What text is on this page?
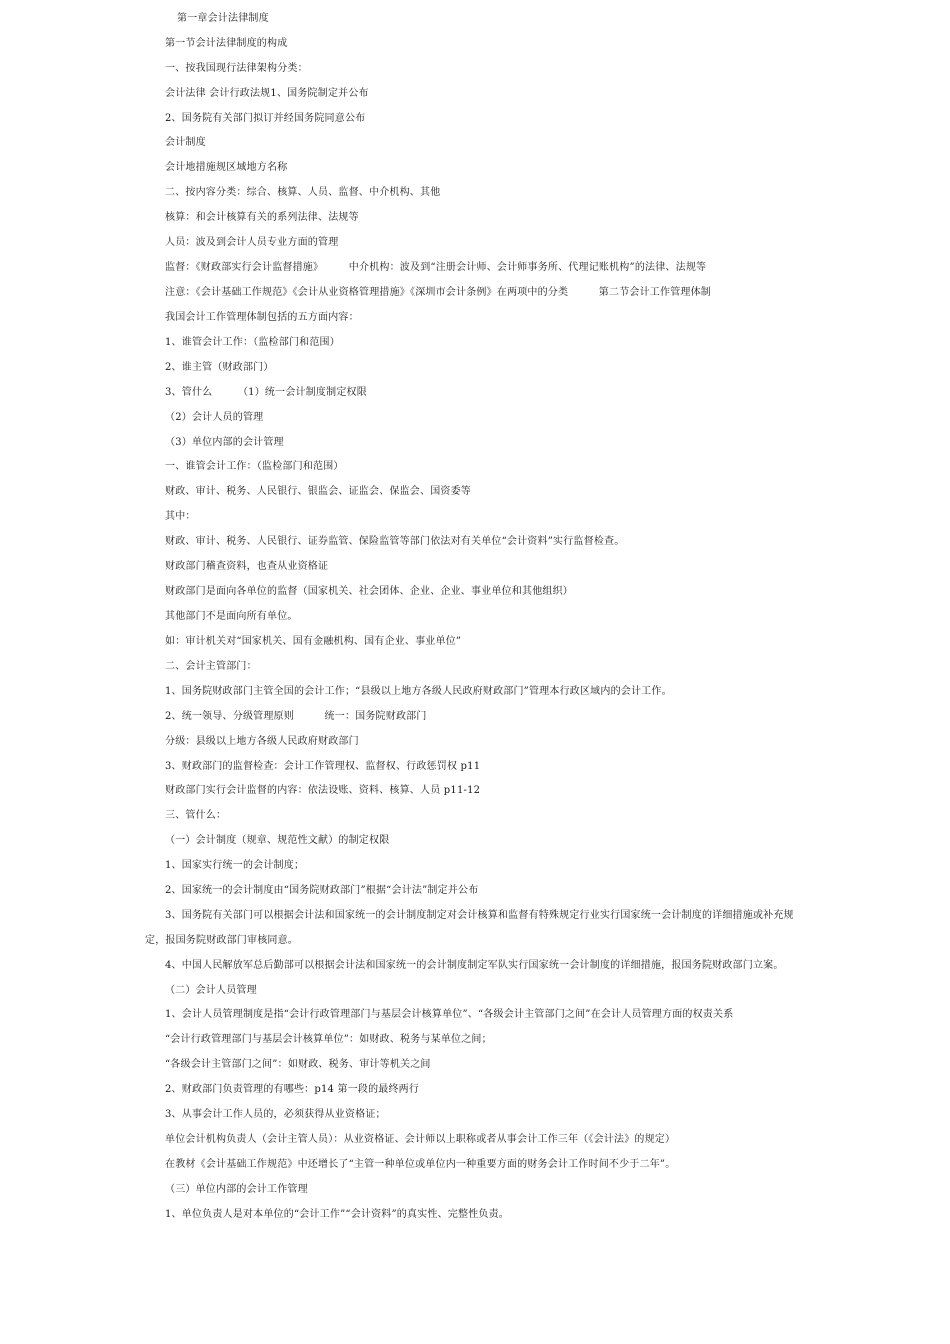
第一章会计法律制度
第一节会计法律制度的构成
一、按我国现行法律架构分类：
会计法律 会计行政法规1、国务院制定并公布
2、国务院有关部门拟订并经国务院同意公布
会计制度
会计地措施规区域地方名称
二、按内容分类：综合、核算、人员、监督、中介机构、其他
核算：和会计核算有关的系列法律、法规等
人员：波及到会计人员专业方面的管理
监督：《财政部实行会计监督措施》　　　中介机构：波及到“注册会计师、会计师事务所、代理记账机构”的法律、法规等
注意：《会计基础工作规范》《会计从业资格管理措施》《深圳市会计条例》在两项中的分类　　　第二节会计工作管理体制
我国会计工作管理体制包括的五方面内容：
1、谁管会计工作：（监检部门和范围）
2、谁主管（财政部门）
3、管什么　　　（1）统一会计制度制定权限
（2）会计人员的管理
（3）单位内部的会计管理
一、谁管会计工作：（监检部门和范围）
财政、审计、税务、人民银行、银监会、证监会、保监会、国资委等
其中：
财政、审计、税务、人民银行、证券监管、保险监管等部门依法对有关单位“会计资料”实行监督检查。
财政部门稽查资料，也查从业资格证
财政部门是面向各单位的监督（国家机关、社会团体、企业、企业、事业单位和其他组织）
其他部门不是面向所有单位。
如：审计机关对“国家机关、国有金融机构、国有企业、事业单位”
二、会计主管部门：
1、国务院财政部门主管全国的会计工作；“县级以上地方各级人民政府财政部门”管理本行政区域内的会计工作。
2、统一领导、分级管理原则　　　统一：国务院财政部门
分级：县级以上地方各级人民政府财政部门
3、财政部门的监督检查：会计工作管理权、监督权、行政惩罚权 p11
财政部门实行会计监督的内容：依法设账、资料、核算、人员 p11-12
三、管什么：
（一）会计制度（规章、规范性文献）的制定权限
1、国家实行统一的会计制度；
2、国家统一的会计制度由“国务院财政部门”根据“会计法”制定并公布
3、国务院有关部门可以根据会计法和国家统一的会计制度制定对会计核算和监督有特殊规定行业实行国家统一会计制度的详细措施或补充规
定，报国务院财政部门审核同意。
4、中国人民解放军总后勤部可以根据会计法和国家统一的会计制度制定军队实行国家统一会计制度的详细措施，报国务院财政部门立案。
（二）会计人员管理
1、会计人员管理制度是指“会计行政管理部门与基层会计核算单位”、“各级会计主管部门之间”在会计人员管理方面的权责关系
“会计行政管理部门与基层会计核算单位”：如财政、税务与某单位之间；
“各级会计主管部门之间”：如财政、税务、审计等机关之间
2、财政部门负责管理的有哪些：p14 第一段的最终两行
3、从事会计工作人员的，必须获得从业资格证；
单位会计机构负责人（会计主管人员）：从业资格证、会计师以上职称或者从事会计工作三年（《会计法》的规定）
在教材《会计基础工作规范》中还增长了“主管一种单位或单位内一种重要方面的财务会计工作时间不少于二年”。
（三）单位内部的会计工作管理
1、单位负责人是对本单位的“会计工作”“会计资料”的真实性、完整性负责。
